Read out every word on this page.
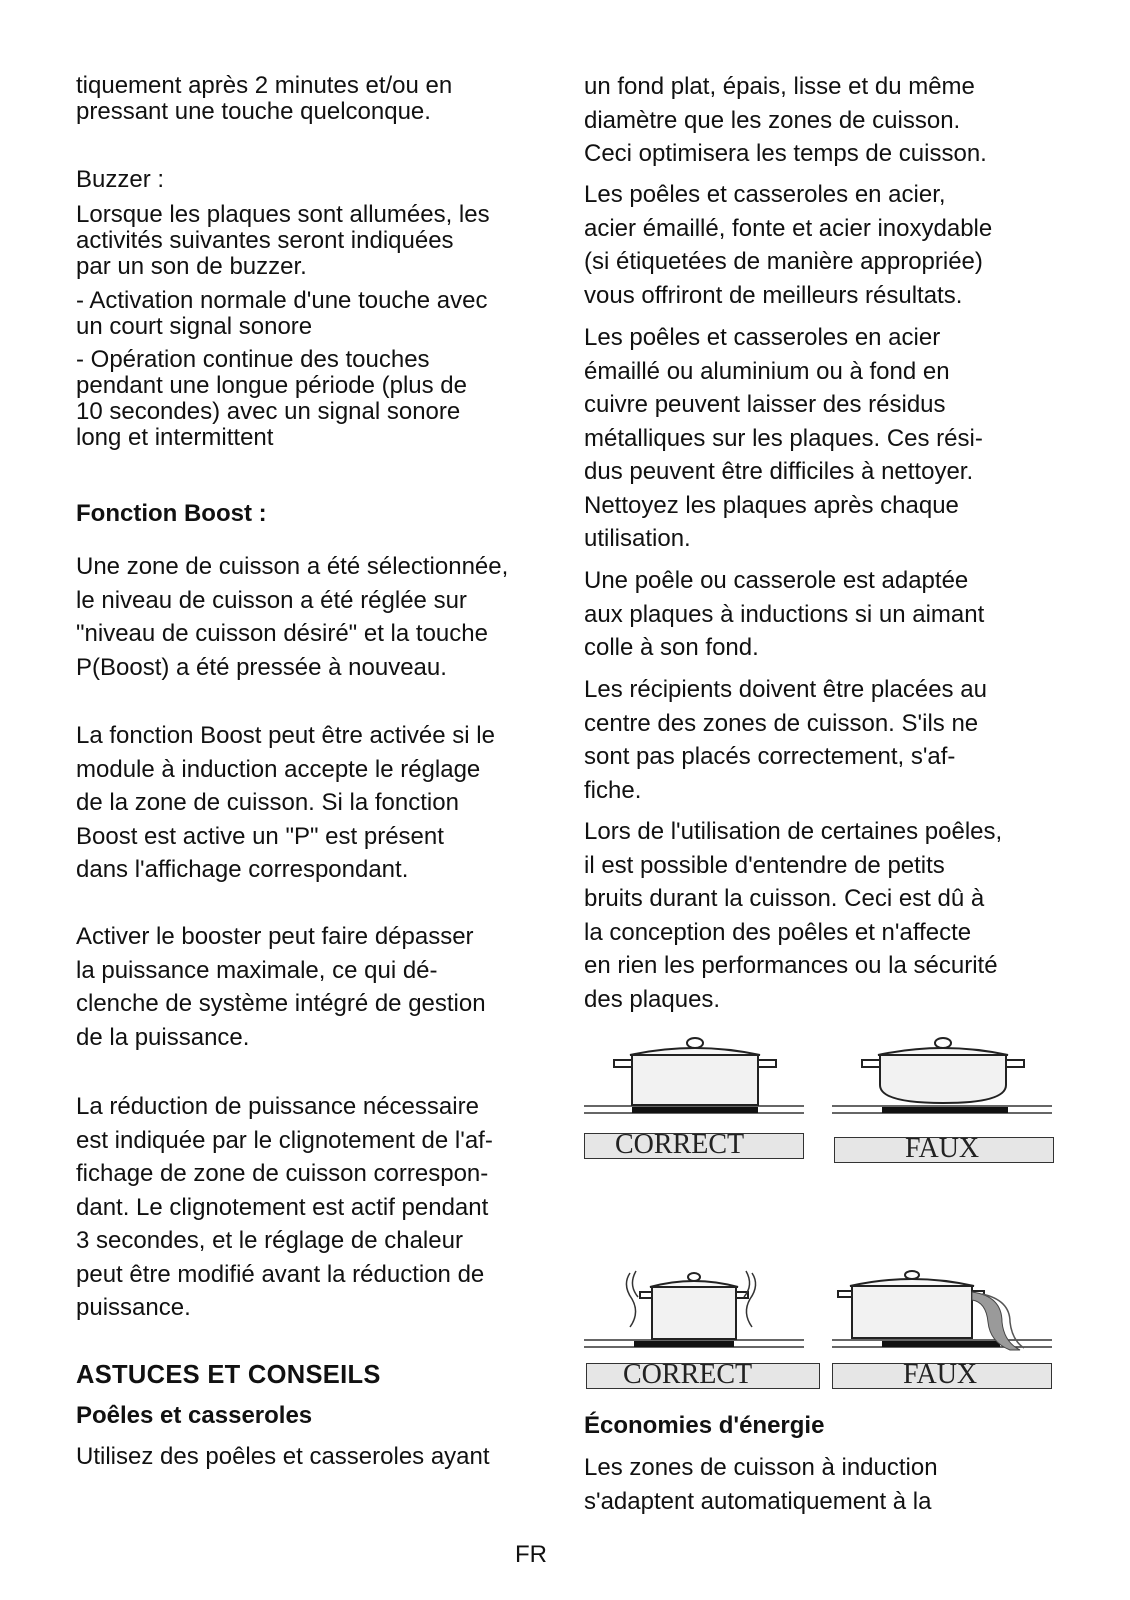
tiquement après 2 minutes et/ou en
pressant une touche quelconque.

Buzzer :

Lorsque les plaques sont allumées, les
activités suivantes seront indiquées
par un son de buzzer.

- Activation normale d'une touche avec
un court signal sonore

- Opération continue des touches
pendant une longue période (plus de
10 secondes) avec un signal sonore
long et intermittent

Fonction Boost :

Une zone de cuisson a été sélectionnée,
le niveau de cuisson a été réglée sur
"niveau de cuisson désiré" et la touche
P(Boost) a été pressée à nouveau.

La fonction Boost peut être activée si le
module à induction accepte le réglage
de la zone de cuisson. Si la fonction
Boost est active un "P" est présent
dans l'affichage correspondant.

Activer le booster peut faire dépasser
la puissance maximale, ce qui dé-
clenche de système intégré de gestion
de la puissance.

La réduction de puissance nécessaire
est indiquée par le clignotement de l'af-
fichage de zone de cuisson correspon-
dant. Le clignotement est actif pendant
3 secondes, et le réglage de chaleur
peut être modifié avant la réduction de
puissance.

ASTUCES ET CONSEILS
Poêles et casseroles

Utilisez des poêles et casseroles ayant

un fond plat, épais, lisse et du même
diamètre que les zones de cuisson.
Ceci optimisera les temps de cuisson.

Les poêles et casseroles en acier,
acier émaillé, fonte et acier inoxydable
(si étiquetées de manière appropriée)
vous offriront de meilleurs résultats.

Les poêles et casseroles en acier
émaillé ou aluminium ou à fond en
cuivre peuvent laisser des résidus
métalliques sur les plaques. Ces rési-
dus peuvent être difficiles à nettoyer.
Nettoyez les plaques après chaque
utilisation.

Une poêle ou casserole est adaptée
aux plaques à inductions si un aimant
colle à son fond.

Les récipients doivent être placées au
centre des zones de cuisson. S'ils ne
sont pas placés correctement, s'af-
fiche.

Lors de l'utilisation de certaines poêles,
il est possible d'entendre de petits
bruits durant la cuisson. Ceci est dû à
la conception des poêles et n'affecte
en rien les performances ou la sécurité
des plaques.

CORRECT	FAUX
CORRECT	FAUX
Économies d'énergie

Les zones de cuisson à induction
s'adaptent automatiquement à la

FR
